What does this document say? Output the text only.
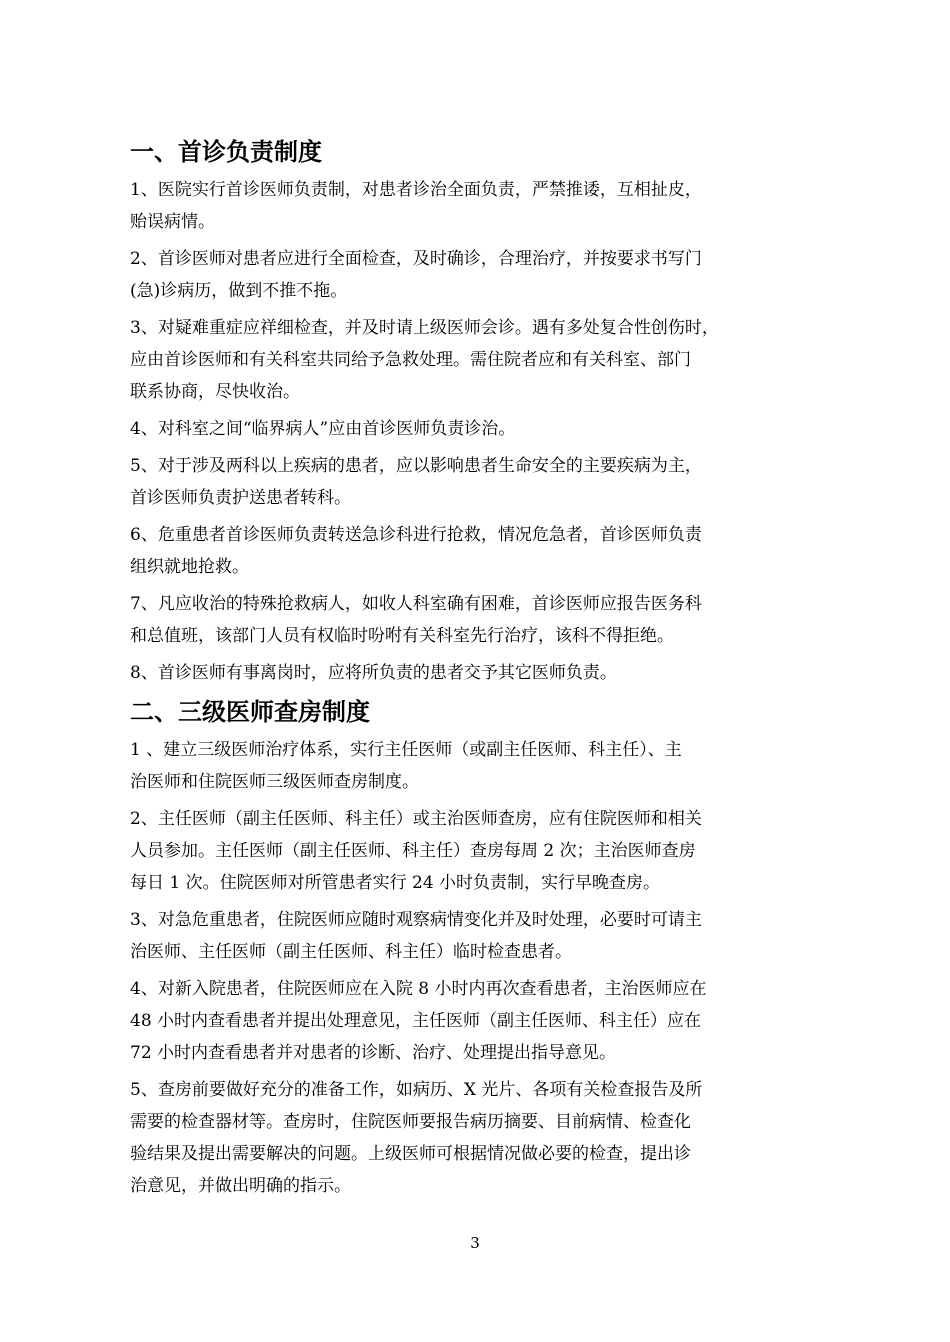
一、首诊负责制度

1、医院实行首诊医师负责制，对患者诊治全面负责，严禁推诿，互相扯皮，
贻误病情。

2、首诊医师对患者应进行全面检查，及时确诊，合理治疗，并按要求书写门
(急)诊病历，做到不推不拖。

3、对疑难重症应祥细检查，并及时请上级医师会诊。遇有多处复合性创伤时，
应由首诊医师和有关科室共同给予急救处理。需住院者应和有关科室、部门
联系协商，尽快收治。

4、对科室之间“临界病人”应由首诊医师负责诊治。

5、对于涉及两科以上疾病的患者，应以影响患者生命安全的主要疾病为主，
首诊医师负责护送患者转科。

6、危重患者首诊医师负责转送急诊科进行抢救，情况危急者，首诊医师负责
组织就地抢救。

7、凡应收治的特殊抢救病人，如收人科室确有困难，首诊医师应报告医务科
和总值班，该部门人员有权临时吩咐有关科室先行治疗，该科不得拒绝。

8、首诊医师有事离岗时，应将所负责的患者交予其它医师负责。

二、三级医师查房制度

1 、建立三级医师治疗体系，实行主任医师（或副主任医师、科主任）、主
治医师和住院医师三级医师查房制度。

2、主任医师（副主任医师、科主任）或主治医师查房，应有住院医师和相关
人员参加。主任医师（副主任医师、科主任）查房每周 2 次；主治医师查房
每日 1 次。住院医师对所管患者实行 24 小时负责制，实行早晚查房。

3、对急危重患者，住院医师应随时观察病情变化并及时处理，必要时可请主
治医师、主任医师（副主任医师、科主任）临时检查患者。

4、对新入院患者，住院医师应在入院 8 小时内再次查看患者，主治医师应在
48 小时内查看患者并提出处理意见，主任医师（副主任医师、科主任）应在
72 小时内查看患者并对患者的诊断、治疗、处理提出指导意见。

5、查房前要做好充分的准备工作，如病历、X 光片、各项有关检查报告及所
需要的检查器材等。查房时，住院医师要报告病历摘要、目前病情、检查化
验结果及提出需要解决的问题。上级医师可根据情况做必要的检查，提出诊
治意见，并做出明确的指示。

3
